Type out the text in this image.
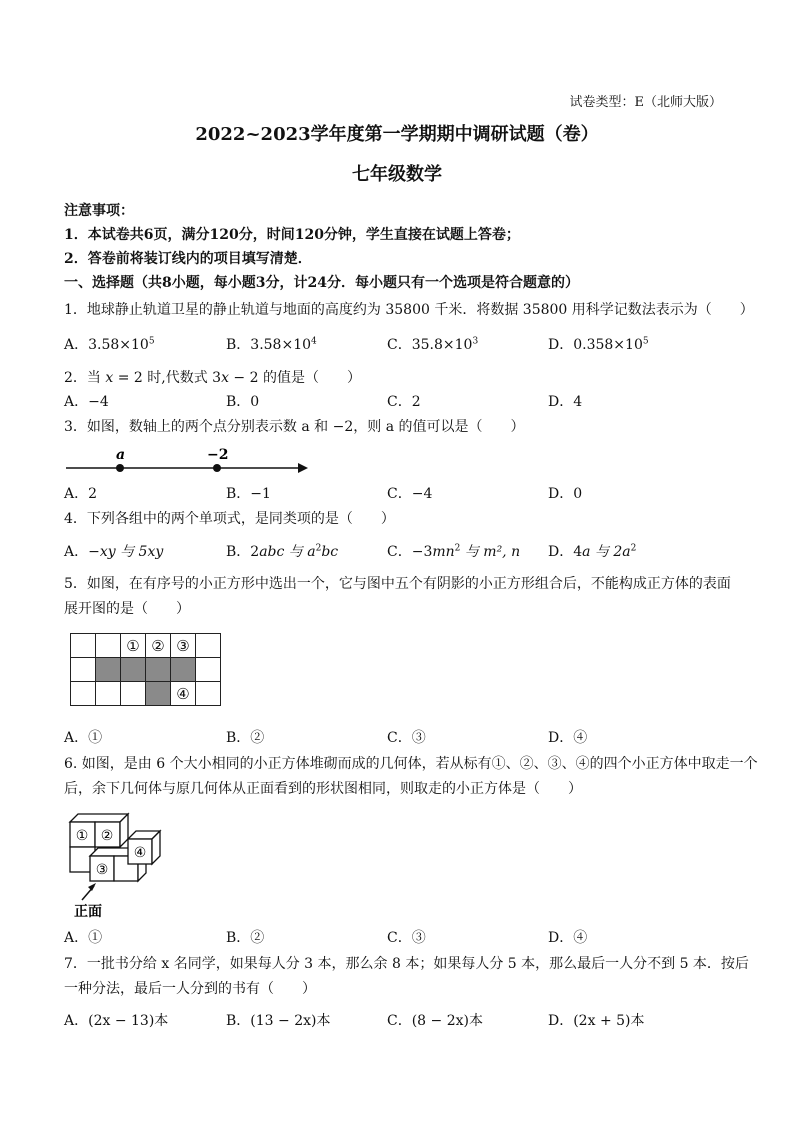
试卷类型：E（北师大版）
2022~2023学年度第一学期期中调研试题（卷）
七年级数学
注意事项：
1．本试卷共6页，满分120分，时间120分钟，学生直接在试题上答卷；
2．答卷前将装订线内的项目填写清楚．
一、选择题（共8小题，每小题3分，计24分．每小题只有一个选项是符合题意的）
1．地球静止轨道卫星的静止轨道与地面的高度约为 35800 千米．将数据 35800 用科学记数法表示为（　　）
A．$3.58\times 10^5$	B．$3.58\times 10^4$	C．$35.8\times 10^3$	D．$0.358\times 10^5$
2．当 x = 2 时,代数式 3x − 2 的值是（　　）
A．−4	B．0	C．2	D．4
3．如图，数轴上的两个点分别表示数 a 和 −2，则 a 的值可以是（　　）
a	−2
A．2	B．−1	C．−4	D．0
4．下列各组中的两个单项式，是同类项的是（　　）
A．−xy 与 5xy	B．2abc 与 $a^2bc$	C．$-3mn^2$ 与 m², n D．4a 与 $2a^2$
5．如图，在有序号的小正方形中选出一个，它与图中五个有阴影的小正方形组合后，不能构成正方体的表面
展开图的是（　　）
		①	②	③	

				④	
A．①	B．②	C．③	D．④
6. 如图，是由 6 个大小相同的小正方体堆砌而成的几何体，若从标有①、②、③、④的四个小正方体中取走一个
后，余下几何体与原几何体从正面看到的形状图相同，则取走的小正方体是（　　）
① ②
③
④
正面
A．①	B．②	C．③	D．④
7．一批书分给 x 名同学，如果每人分 3 本，那么余 8 本；如果每人分 5 本，那么最后一人分不到 5 本．按后
一种分法，最后一人分到的书有（　　）
A．(2x − 13)本	B．(13 − 2x)本	C．(8 − 2x)本	D．(2x + 5)本
